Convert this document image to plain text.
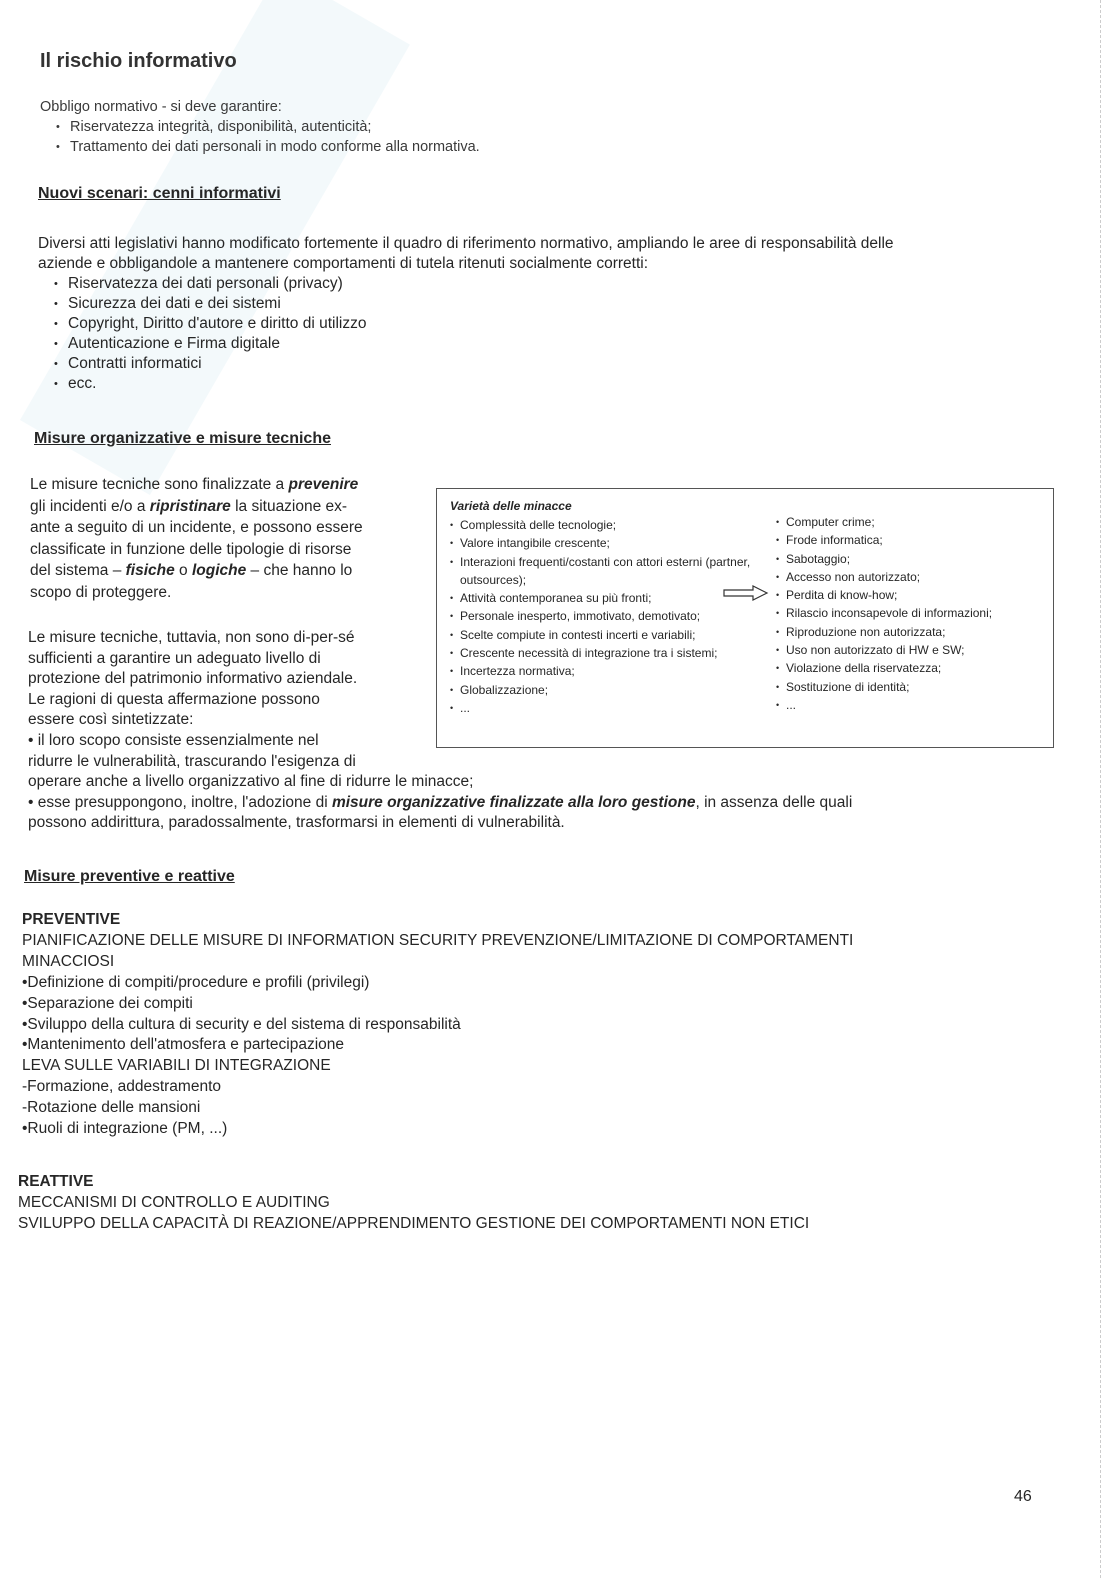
Il rischio informativo
Obbligo normativo - si deve garantire:
• Riservatezza integrità, disponibilità, autenticità;
• Trattamento dei dati personali in modo conforme alla normativa.
Nuovi scenari: cenni informativi
Diversi atti legislativi hanno modificato fortemente il quadro di riferimento normativo, ampliando le aree di responsabilità delle
aziende e obbligandole a mantenere comportamenti di tutela ritenuti socialmente corretti:
• Riservatezza dei dati personali (privacy)
• Sicurezza dei dati e dei sistemi
• Copyright, Diritto d'autore e diritto di utilizzo
• Autenticazione e Firma digitale
• Contratti informatici
• ecc.
Misure organizzative e misure tecniche
Le misure tecniche sono finalizzate a prevenire
gli incidenti e/o a ripristinare la situazione ex-
ante a seguito di un incidente, e possono essere
classificate in funzione delle tipologie di risorse
del sistema – fisiche o logiche – che hanno lo
scopo di proteggere.
Le misure tecniche, tuttavia, non sono di-per-sé
sufficienti a garantire un adeguato livello di
protezione del patrimonio informativo aziendale.
Le ragioni di questa affermazione possono
essere così sintetizzate:
• il loro scopo consiste essenzialmente nel
ridurre le vulnerabilità, trascurando l'esigenza di
operare anche a livello organizzativo al fine di ridurre le minacce;
• esse presuppongono, inoltre, l'adozione di misure organizzative finalizzate alla loro gestione, in assenza delle quali
possono addirittura, paradossalmente, trasformarsi in elementi di vulnerabilità.
Varietà delle minacce
• Complessità delle tecnologie;
• Valore intangibile crescente;
• Interazioni frequenti/costanti con attori esterni (partner, outsources);
• Attività contemporanea su più fronti;
• Personale inesperto, immotivato, demotivato;
• Scelte compiute in contesti incerti e variabili;
• Crescente necessità di integrazione tra i sistemi;
• Incertezza normativa;
• Globalizzazione;
• ...
• Computer crime;
• Frode informatica;
• Sabotaggio;
• Accesso non autorizzato;
• Perdita di know-how;
• Rilascio inconsapevole di informazioni;
• Riproduzione non autorizzata;
• Uso non autorizzato di HW e SW;
• Violazione della riservatezza;
• Sostituzione di identità;
• ...
Misure preventive e reattive
PREVENTIVE
PIANIFICAZIONE DELLE MISURE DI INFORMATION SECURITY PREVENZIONE/LIMITAZIONE DI COMPORTAMENTI
MINACCIOSI
•Definizione di compiti/procedure e profili (privilegi)
•Separazione dei compiti
•Sviluppo della cultura di security e del sistema di responsabilità
•Mantenimento dell'atmosfera e partecipazione
LEVA SULLE VARIABILI DI INTEGRAZIONE
-Formazione, addestramento
-Rotazione delle mansioni
•Ruoli di integrazione (PM, ...)
REATTIVE
MECCANISMI DI CONTROLLO E AUDITING
SVILUPPO DELLA CAPACITÀ DI REAZIONE/APPRENDIMENTO GESTIONE DEI COMPORTAMENTI NON ETICI
46
